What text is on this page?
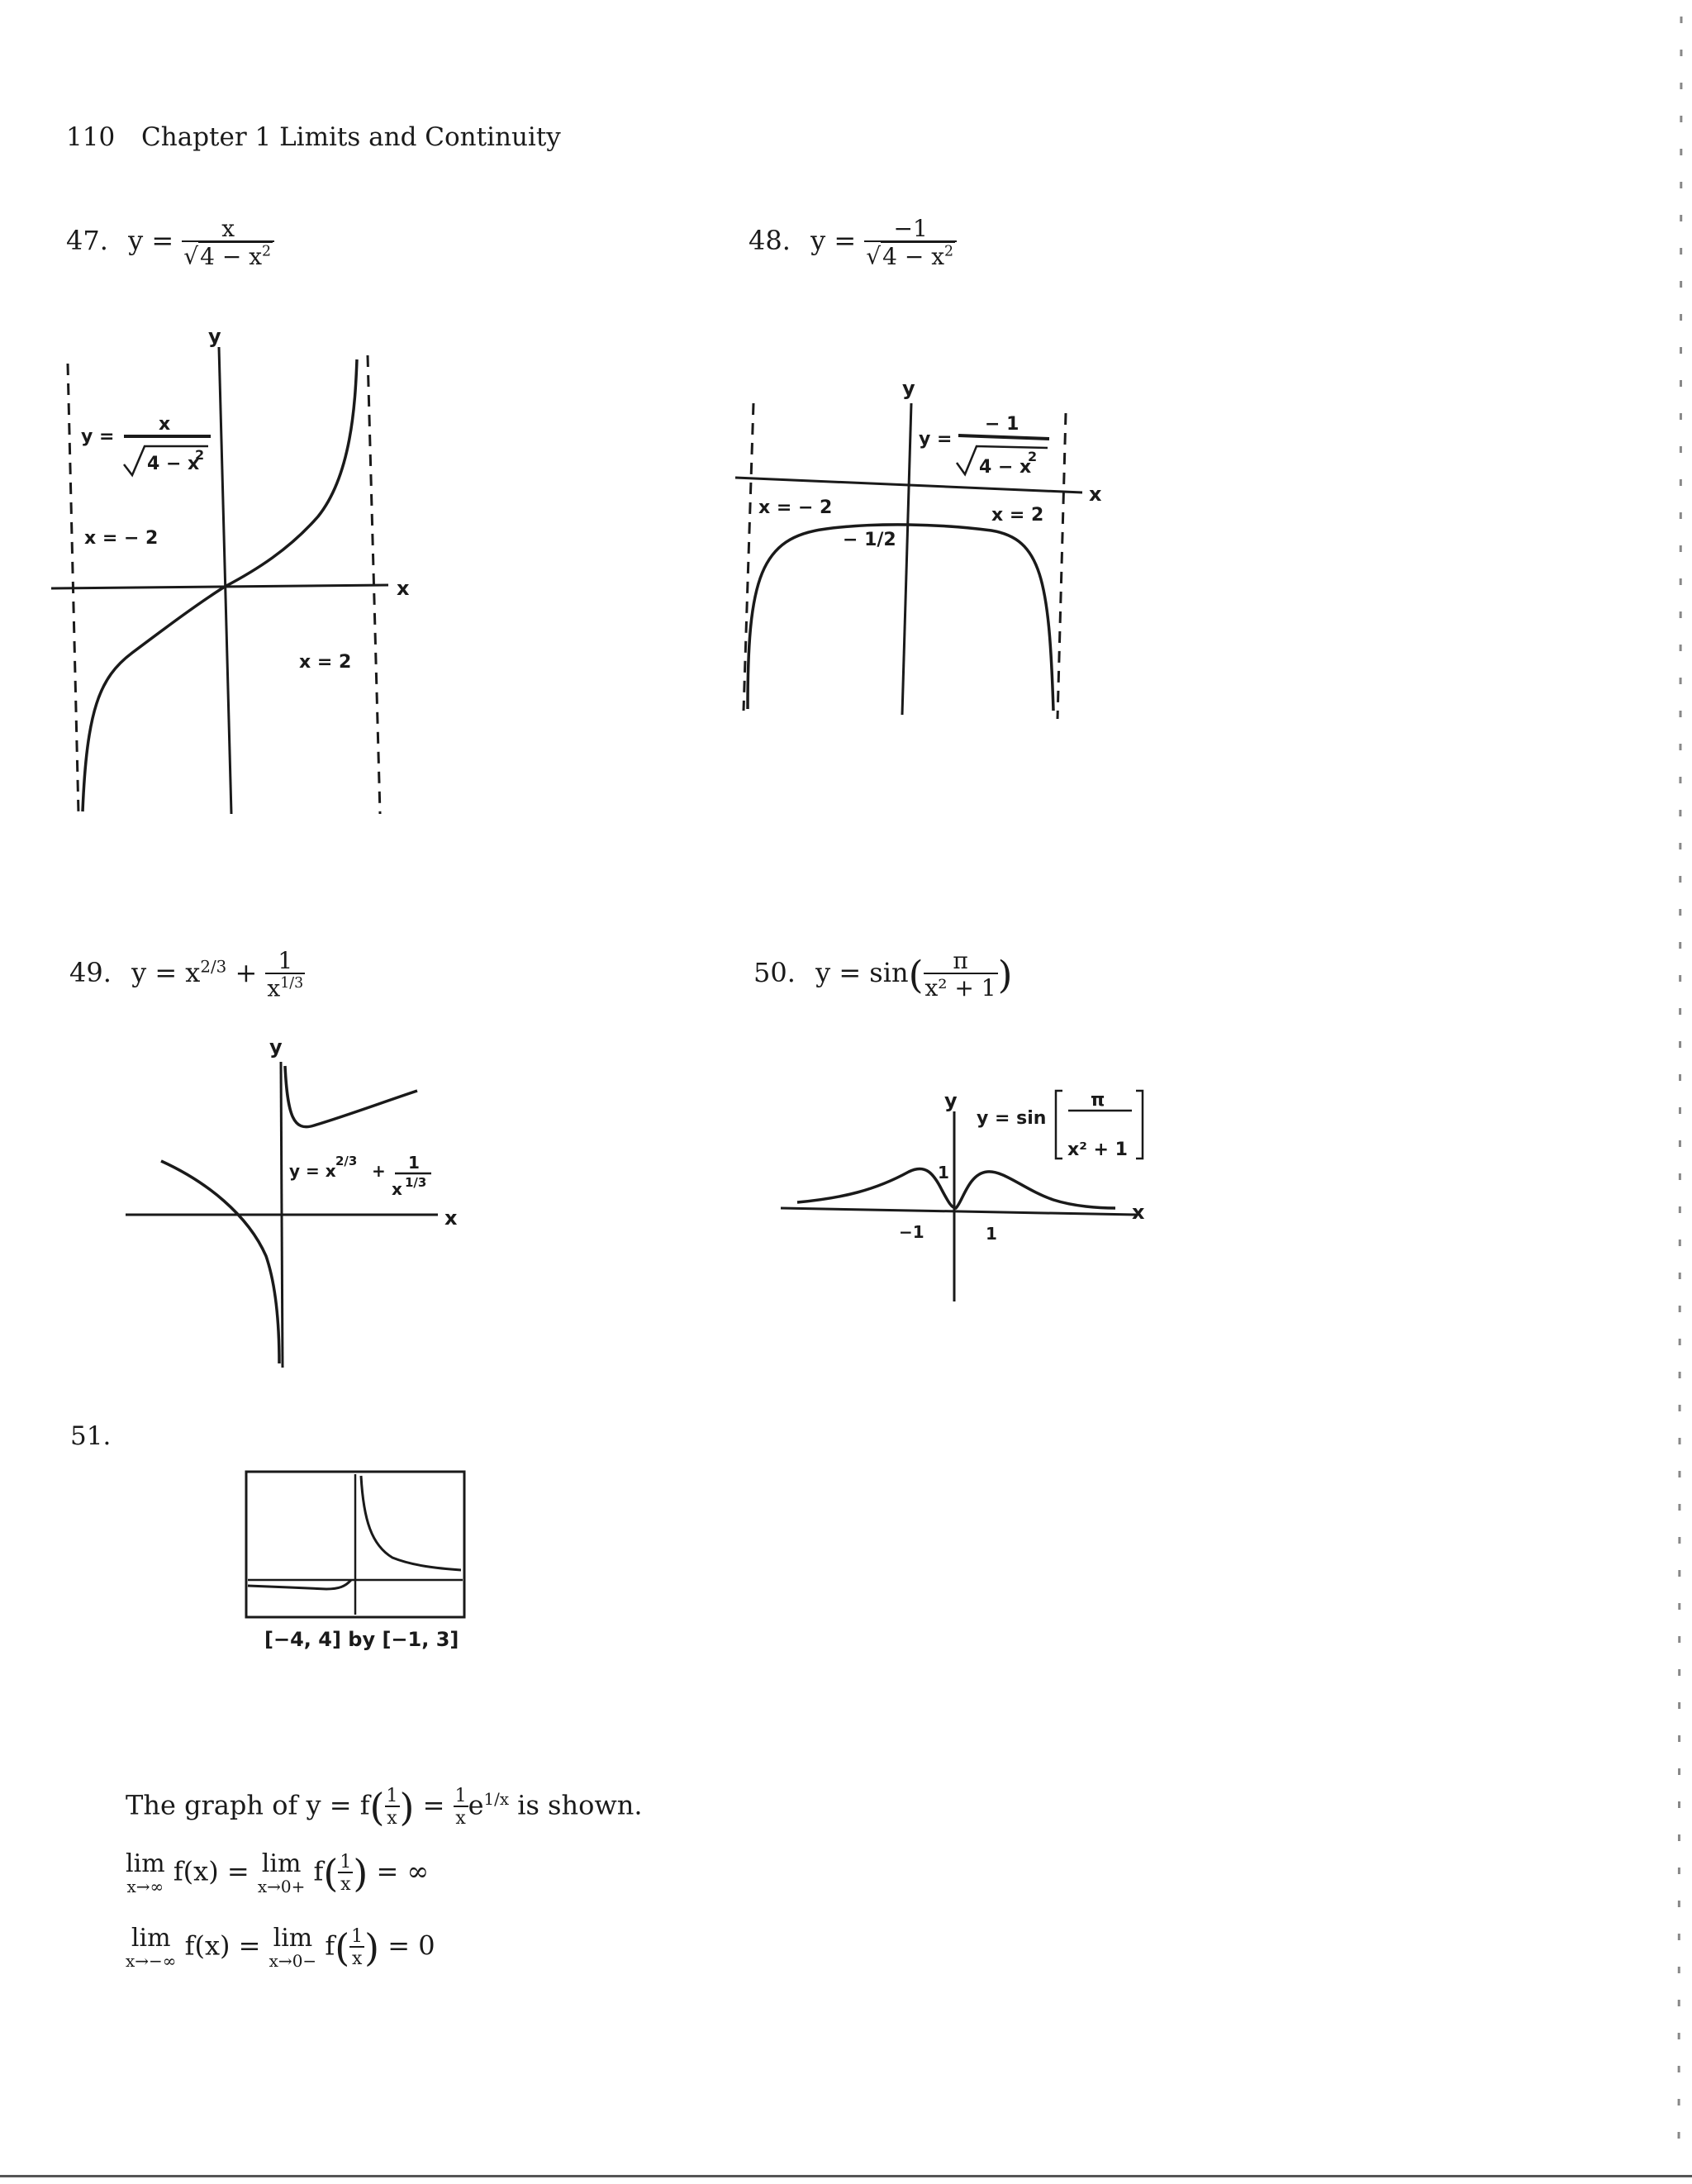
110 Chapter 1 Limits and Continuity
47. $y = \frac{x}{√4 - x^2}$	48. $y = \frac{-1}{√4 - x^2}$
y
x
y =
x
4 − x
2
x = − 2
x = 2
y
x
y =
− 1
4 − x
2
x = − 2	x = 2
− 1/2
49. $y = x^{2/3} + \frac{1}{x^{1/3}}$	50. $y = \sin( \frac{\pi}{\text{x² + 1}}$ )
y
x
y = x 2/3 + 1
x 1/3
y
x
y = sin
π
x² + 1
1
−1	1
51.
[−4, 4] by [−1, 3]
The graph of $y = f( \frac{1}{x}$ ) = $\frac{1}{x} e^{1/x}$ is shown.
lim
x→∞ f(x) = lim
$x\to 0+ f( \frac{1}{x}$ ) = ∞
lim
x→−∞ f(x) = lim
$x\to 0- f( \frac{1}{x}$ ) = 0
